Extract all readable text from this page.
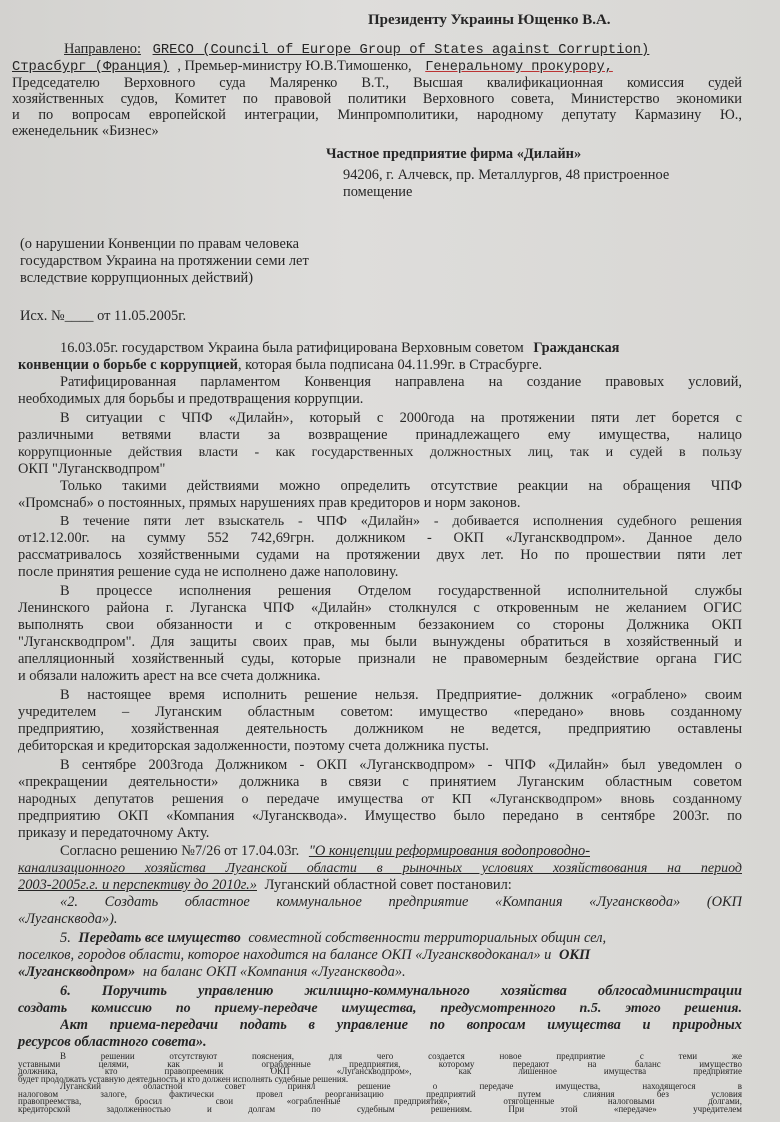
Президенту Украины Ющенко В.А.
Направлено: GRECO (Council of Europe Group of States against Corruption)
Страсбург (Франция) , Премьер-министру Ю.В.Тимошенко, Генеральному прокурору,
Председателю Верховного суда Маляренко В.Т., Высшая квалификационная комиссия судей
хозяйственных судов, Комитет по правовой политики Верховного совета, Министерство экономики
и по вопросам европейской интеграции, Минпромполитики, народному депутату Кармазину Ю.,
еженедельник «Бизнес»
Частное предприятие фирма «Дилайн»
94206, г. Алчевск, пр. Металлургов, 48 пристроенное
помещение
(о нарушении Конвенции по правам человека
государством Украина на протяжении семи лет
вследствие коррупционных действий)
Исх. №____ от 11.05.2005г.
16.03.05г. государством Украина была ратифицирована Верховным советом Гражданская
конвенции о борьбе с коррупцией, которая была подписана 04.11.99г. в Страсбурге.
Ратифицированная парламентом Конвенция направлена на создание правовых условий,
необходимых для борьбы и предотвращения коррупции.
В ситуации с ЧПФ «Дилайн», который с 2000года на протяжении пяти лет борется с
различными ветвями власти за возвращение принадлежащего ему имущества, налицо
коррупционные действия власти - как государственных должностных лиц, так и судей в пользу
ОКП "Луганскводпром"
Только такими действиями можно определить отсутствие реакции на обращения ЧПФ
«Промснаб» о постоянных, прямых нарушениях прав кредиторов и норм законов.
В течение пяти лет взыскатель - ЧПФ «Дилайн» - добивается исполнения судебного решения
от12.12.00г. на сумму 552 742,69грн. должником - ОКП «Луганскводпром». Данное дело
рассматривалось хозяйственными судами на протяжении двух лет. Но по прошествии пяти лет
после принятия решение суда не исполнено даже наполовину.
В процессе исполнения решения Отделом государственной исполнительной службы
Ленинского района г. Луганска ЧПФ «Дилайн» столкнулся с откровенным не желанием ОГИС
выполнять свои обязанности и с откровенным беззаконием со стороны Должника ОКП
"Луганскводпром". Для защиты своих прав, мы были вынуждены обратиться в хозяйственный и
апелляционный хозяйственный суды, которые признали не правомерным бездействие органа ГИС
и обязали наложить арест на все счета должника.
В настоящее время исполнить решение нельзя. Предприятие- должник «ограблено» своим
учредителем – Луганским областным советом: имущество «передано» вновь созданному
предприятию, хозяйственная деятельность должником не ведется, предприятию оставлены
дебиторская и кредиторская задолженности, поэтому счета должника пусты.
В сентябре 2003года Должником - ОКП «Луганскводпром» - ЧПФ «Дилайн» был уведомлен о
«прекращении деятельности» должника в связи с принятием Луганским областным советом
народных депутатов решения о передаче имущества от КП «Луганскводпром» вновь созданному
предприятию ОКП «Компания «Лугансквода». Имущество было передано в сентябре 2003г. по
приказу и передаточному Акту.
Согласно решению №7/26 от 17.04.03г. "О концепции реформирования водопроводно-
канализационного хозяйства Луганской области в рыночных условиях хозяйствования на период
2003-2005г.г. и перспективу до 2010г.» Луганский областной совет постановил:
«2. Создать областное коммунальное предприятие «Компания «Лугансквода» (ОКП
«Лугансквода»).
5. Передать все имущество совместной собственности территориальных общин сел,
поселков, городов области, которое находится на балансе ОКП «Луганскводоканал» и ОКП
«Луганскводпром» на баланс ОКП «Компания «Лугансквода».
6. Поручить управлению жилищно-коммунального хозяйства облгосадминистрации
создать комиссию по приему-передаче имущества, предусмотренного п.5. этого решения.
Акт приема-передачи подать в управление по вопросам имущества и природных
ресурсов областного совета».
В решении отсутствуют пояснения, для чего создается новое предприятие с теми же
уставными целями, как и ограбленные предприятия, которому передают на баланс имущество
должника, кто правопреемник ОКП «Луганскводпром», как лишенное имущества предприятие
будет продолжать уставную деятельность и кто должен исполнять судебные решения.
Луганский областной совет принял решение о передаче имущества, находящегося в
налоговом залоге, фактически провел реорганизацию предприятий путем слияния без условия
правопреемства, бросил свои «ограбленные предприятия», отягощенные налоговыми долгами,
кредиторской задолженностью и долгам по судебным решениям. При этой «передаче» учредителем
